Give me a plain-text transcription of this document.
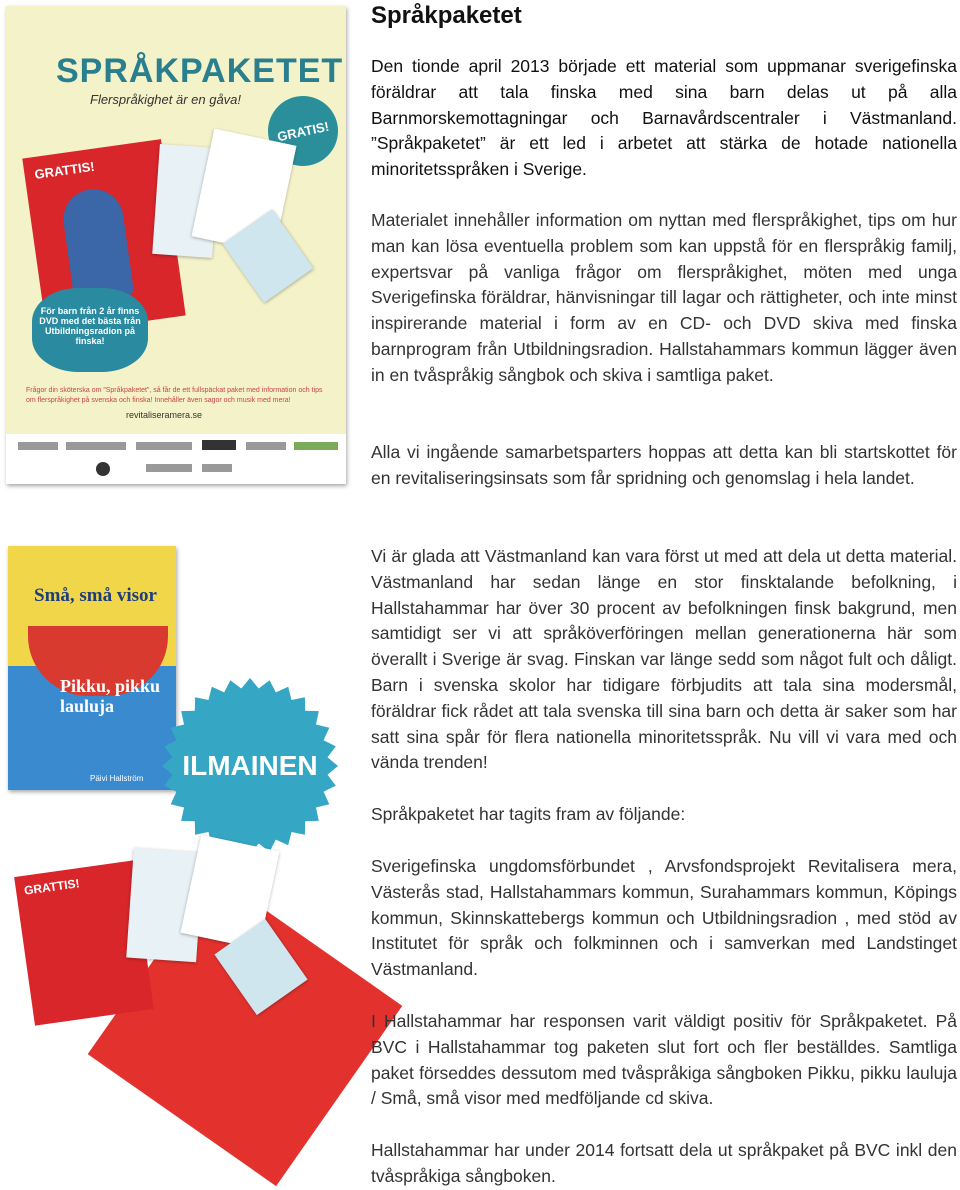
SPRÅKPAKETET
Flerspråkighet är en gåva!
GRATIS!
GRATTIS!
För barn från 2 år finns DVD med det bästa från Utbildningsradion på finska!
Frågor din sköterska om ”Språkpaketet”, så får de ett fullspäckat paket med information och tips om flerspråkighet på svenska och finska! Innehåller även sagor och musik med mera!
revitaliseramera.se
Små, små visor
Pikku, pikku lauluja
Päivi Hallström	ILMAINEN
GRATTIS!
Språkpaketet

Den tionde april 2013 började ett material som uppmanar sverigefinska föräldrar att tala finska med sina barn delas ut på alla Barnmorskemottagningar och Barnavårdscentraler i Västmanland. ”Språkpaketet” är ett led i arbetet att stärka de hotade nationella minoritetsspråken i Sverige.

Materialet innehåller information om nyttan med flerspråkighet, tips om hur man kan lösa eventuella problem som kan uppstå för en flerspråkig familj, expertsvar på vanliga frågor om flerspråkighet, möten med unga Sverigefinska föräldrar, hänvisningar till lagar och rättigheter, och inte minst inspirerande material i form av en CD- och DVD skiva med finska barnprogram från Utbildningsradion. Hallstahammars kommun lägger även in en tvåspråkig sångbok och skiva i samtliga paket.

Alla vi ingående samarbetsparters hoppas att detta kan bli startskottet för en revitaliseringsinsats som får spridning och genomslag i hela landet.

Vi är glada att Västmanland kan vara först ut med att dela ut detta material. Västmanland har sedan länge en stor finsktalande befolkning, i Hallstahammar har över 30 procent av befolkningen finsk bakgrund, men samtidigt ser vi att språköverföringen mellan generationerna här som överallt i Sverige är svag. Finskan var länge sedd som något fult och dåligt. Barn i svenska skolor har tidigare förbjudits att tala sina modersmål, föräldrar fick rådet att tala svenska till sina barn och detta är saker som har satt sina spår för flera nationella minoritetsspråk. Nu vill vi vara med och vända trenden!

Språkpaketet har tagits fram av följande:

Sverigefinska ungdomsförbundet , Arvsfondsprojekt Revitalisera mera, Västerås stad, Hallstahammars kommun, Surahammars kommun, Köpings kommun, Skinnskattebergs kommun och Utbildningsradion , med stöd av Institutet för språk och folkminnen och i samverkan med Landstinget Västmanland.

I Hallstahammar har responsen varit väldigt positiv för Språkpaketet. På BVC i Hallstahammar tog paketen slut fort och fler beställdes. Samtliga paket förseddes dessutom med tvåspråkiga sångboken Pikku, pikku lauluja / Små, små visor med medföljande cd skiva.

Hallstahammar har under 2014 fortsatt dela ut språkpaket på BVC inkl den tvåspråkiga sångboken.
